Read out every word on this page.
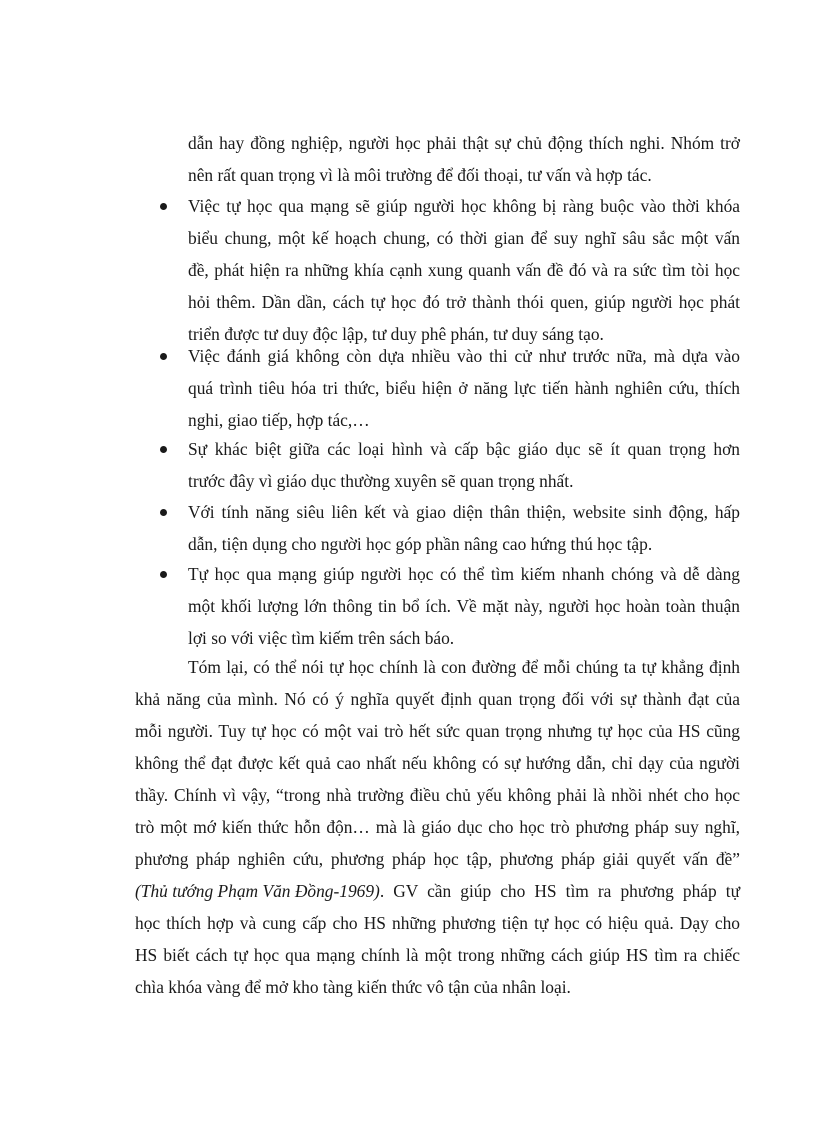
dẫn hay đồng nghiệp, người học phải thật sự chủ động thích nghi. Nhóm trở
nên rất quan trọng vì là môi trường để đối thoại, tư vấn và hợp tác.
Việc tự học qua mạng sẽ giúp người học không bị ràng buộc vào thời khóa
biểu chung, một kế hoạch chung, có thời gian để suy nghĩ sâu sắc một vấn
đề, phát hiện ra những khía cạnh xung quanh vấn đề đó và ra sức tìm tòi học
hỏi thêm. Dần dần, cách tự học đó trở thành thói quen, giúp người học phát
triển được tư duy độc lập, tư duy phê phán, tư duy sáng tạo.
Việc đánh giá không còn dựa nhiều vào thi cử như trước nữa, mà dựa vào
quá trình tiêu hóa tri thức, biểu hiện ở năng lực tiến hành nghiên cứu, thích
nghi, giao tiếp, hợp tác,…
Sự khác biệt giữa các loại hình và cấp bậc giáo dục sẽ ít quan trọng hơn
trước đây vì giáo dục thường xuyên sẽ quan trọng nhất.
Với tính năng siêu liên kết và giao diện thân thiện, website sinh động, hấp
dẫn, tiện dụng cho người học góp phần nâng cao hứng thú học tập.
Tự học qua mạng giúp người học có thể tìm kiếm nhanh chóng và dễ dàng
một khối lượng lớn thông tin bổ ích. Về mặt này, người học hoàn toàn thuận
lợi so với việc tìm kiếm trên sách báo.
Tóm lại, có thể nói tự học chính là con đường để mỗi chúng ta tự khẳng định
khả năng của mình. Nó có ý nghĩa quyết định quan trọng đối với sự thành đạt của
mỗi người. Tuy tự học có một vai trò hết sức quan trọng nhưng tự học của HS cũng
không thể đạt được kết quả cao nhất nếu không có sự hướng dẫn, chỉ dạy của người
thầy. Chính vì vậy, “trong nhà trường điều chủ yếu không phải là nhồi nhét cho học
trò một mớ kiến thức hỗn độn… mà là giáo dục cho học trò phương pháp suy nghĩ,
phương pháp nghiên cứu, phương pháp học tập, phương pháp giải quyết vấn đề”
(Thủ tướng Phạm Văn Đồng-1969) . GV cần giúp cho HS tìm ra phương pháp tự
học thích hợp và cung cấp cho HS những phương tiện tự học có hiệu quả. Dạy cho
HS biết cách tự học qua mạng chính là một trong những cách giúp HS tìm ra chiếc
chìa khóa vàng để mở kho tàng kiến thức vô tận của nhân loại.
